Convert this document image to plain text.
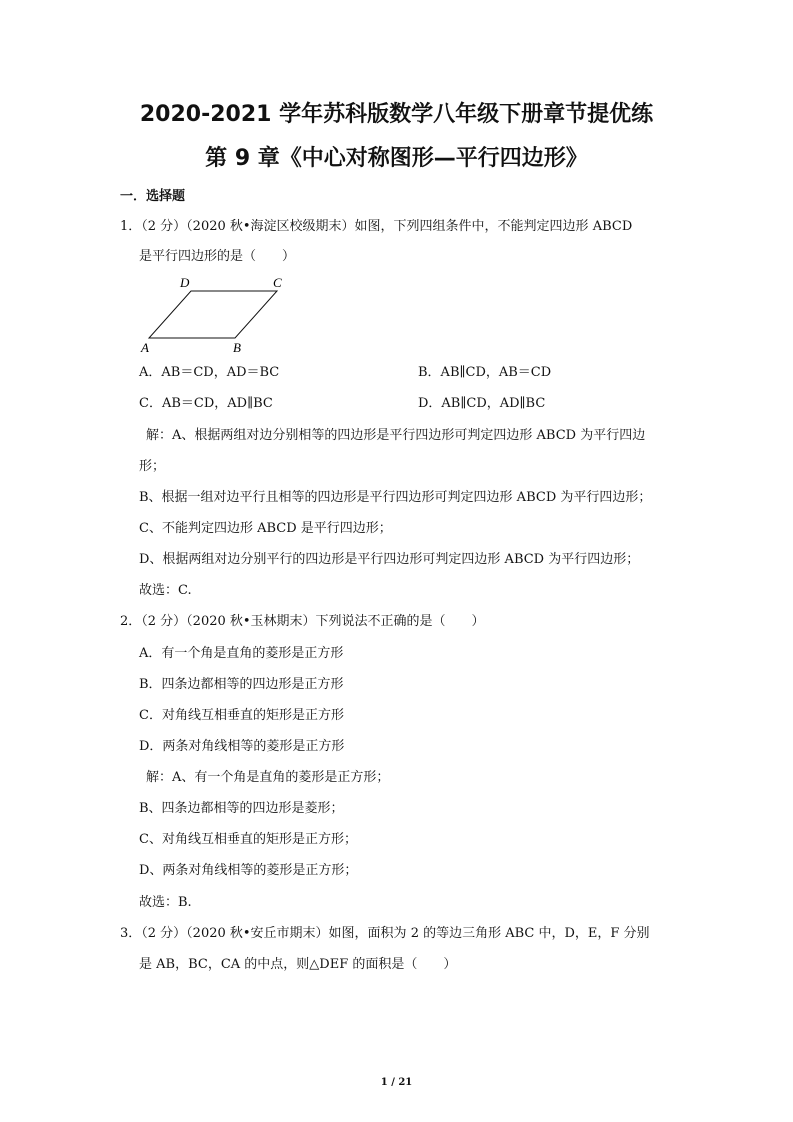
2020-2021 学年苏科版数学八年级下册章节提优练
第 9 章《中心对称图形—平行四边形》
一．选择题
1．（2 分）（2020 秋•海淀区校级期末）如图，下列四组条件中，不能判定四边形 ABCD
是平行四边形的是（　　）
D	C
A	B
A．AB＝CD，AD＝BC	B．AB∥CD，AB＝CD
C．AB＝CD，AD∥BC	D．AB∥CD，AD∥BC
解：A、根据两组对边分别相等的四边形是平行四边形可判定四边形 ABCD 为平行四边
形；
B、根据一组对边平行且相等的四边形是平行四边形可判定四边形 ABCD 为平行四边形；
C、不能判定四边形 ABCD 是平行四边形；
D、根据两组对边分别平行的四边形是平行四边形可判定四边形 ABCD 为平行四边形；
故选：C.
2．（2 分）（2020 秋•玉林期末）下列说法不正确的是（　　）
A．有一个角是直角的菱形是正方形
B．四条边都相等的四边形是正方形
C．对角线互相垂直的矩形是正方形
D．两条对角线相等的菱形是正方形
解：A、有一个角是直角的菱形是正方形；
B、四条边都相等的四边形是菱形；
C、对角线互相垂直的矩形是正方形；
D、两条对角线相等的菱形是正方形；
故选：B.
3．（2 分）（2020 秋•安丘市期末）如图，面积为 2 的等边三角形 ABC 中，D，E，F 分别
是 AB，BC，CA 的中点，则△DEF 的面积是（　　）
1 / 21
